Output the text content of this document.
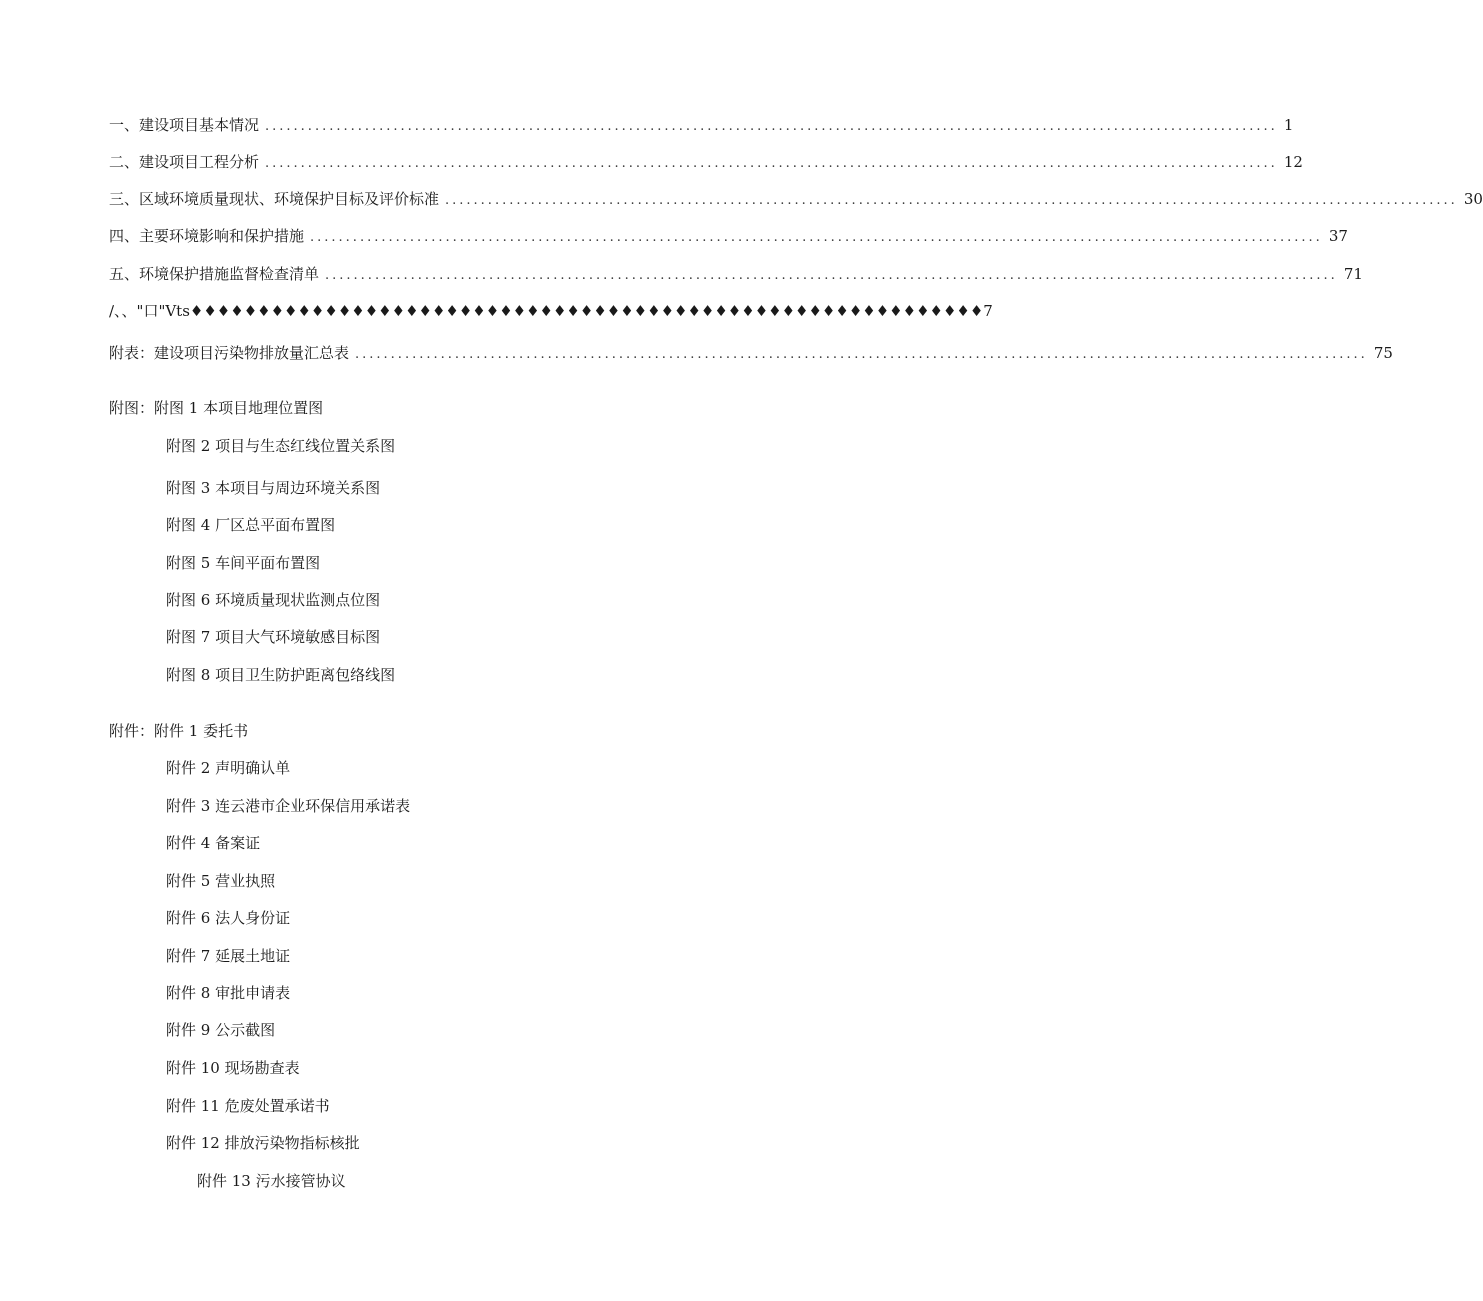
一、建设项目基本情况 .....	1
二、建设项目工程分析 .....	12
三、区域环境质量现状、环境保护目标及评价标准 .....	30
四、主要环境影响和保护措施 .....	37
五、环境保护措施监督检查清单 .....	71
∕、、"口"Vts♦♦♦♦♦♦♦♦♦♦♦♦♦♦♦♦♦♦♦♦♦♦♦♦♦♦♦♦♦♦♦♦♦♦♦♦♦♦♦♦♦♦♦♦♦♦♦♦♦♦♦♦♦♦♦♦♦♦♦7
附表：建设项目污染物排放量汇总表 .....	75
附图：附图 1 本项目地理位置图
附图 2 项目与生态红线位置关系图
附图 3 本项目与周边环境关系图
附图 4 厂区总平面布置图
附图 5 车间平面布置图
附图 6 环境质量现状监测点位图
附图 7 项目大气环境敏感目标图
附图 8 项目卫生防护距离包络线图
附件：附件 1 委托书
附件 2 声明确认单
附件 3 连云港市企业环保信用承诺表
附件 4 备案证
附件 5 营业执照
附件 6 法人身份证
附件 7 延展土地证
附件 8 审批申请表
附件 9 公示截图
附件 10 现场勘查表
附件 11 危废处置承诺书
附件 12 排放污染物指标核批
附件 13 污水接管协议
